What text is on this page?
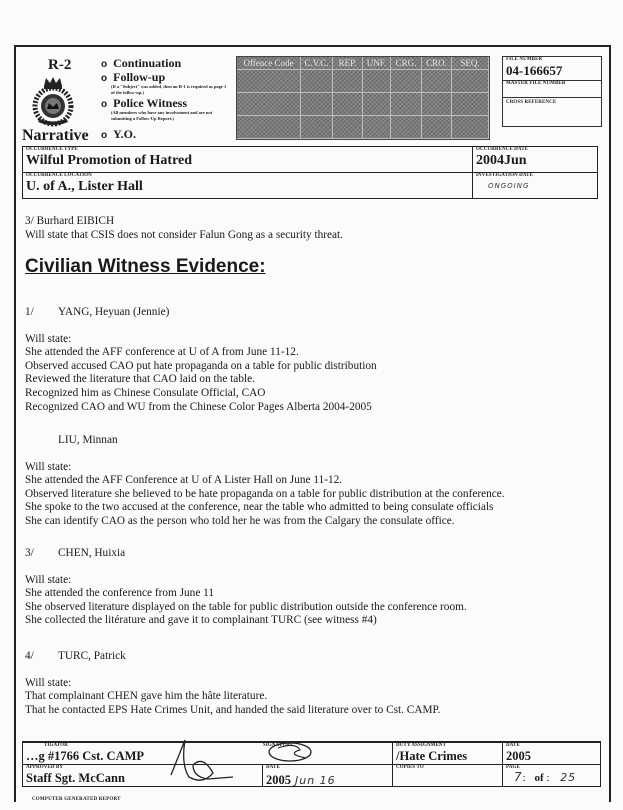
R-2
Narrative
o Continuation
o Follow-up
(If a "Subject" was added, then an R-1 is required as page 1 of the follow-up.)
o Police Witness
(All members who have any involvement and are not submitting a Follow-Up Report.)
o Y.O.
Offence Code	C.V.C.	REP.	UNF.	CRG.	CRO.	SEQ.	FILE NUMBER
04-166657
MASTER FILE NUMBER
CROSS REFERENCE
OCCURRENCE TYPE
Wilful Promotion of Hatred
OCCURRENCE DATE
2004Jun
OCCURRENCE LOCATION
U. of A., Lister Hall
INVESTIGATION DATE
ONGOING
3/ Burhard EIBICH
Will state that CSIS does not consider Falun Gong as a security threat.
Civilian Witness Evidence:
1/ YANG, Heyuan (Jennie)
Will state:
She attended the AFF conference at U of A from June 11-12.
Observed accused CAO put hate propaganda on a table for public distribution
Reviewed the literature that CAO laid on the table.
Recognized him as Chinese Consulate Official, CAO
Recognized CAO and WU from the Chinese Color Pages Alberta 2004-2005
LIU, Minnan
Will state:
She attended the AFF Conference at U of A Lister Hall on June 11-12.
Observed literature she believed to be hate propaganda on a table for public distribution at the conference.
She spoke to the two accused at the conference, near the table who admitted to being consulate officials
She can identify CAO as the person who told her he was from the Calgary the consulate office.
3/ CHEN, Huixia
Will state:
She attended the conference from June 11
She observed literature displayed on the table for public distribution outside the conference room.
She collected the litérature and gave it to complainant TURC (see witness #4)
4/ TURC, Patrick
Will state:
That complainant CHEN gave him the hâte literature.
That he contacted EPS Hate Crimes Unit, and handed the said literature over to Cst. CAMP.
TIGATOR
…g #1766 Cst. CAMP
SIGNATURE
APPROVED BY
Staff Sgt. McCann
DATE
2005 Jun 16
DUTY ASSIGNMENT
/Hate Crimes
COPIES TO
DATE
2005
PAGE
7: of : 25
COMPUTER GENERATED REPORT
